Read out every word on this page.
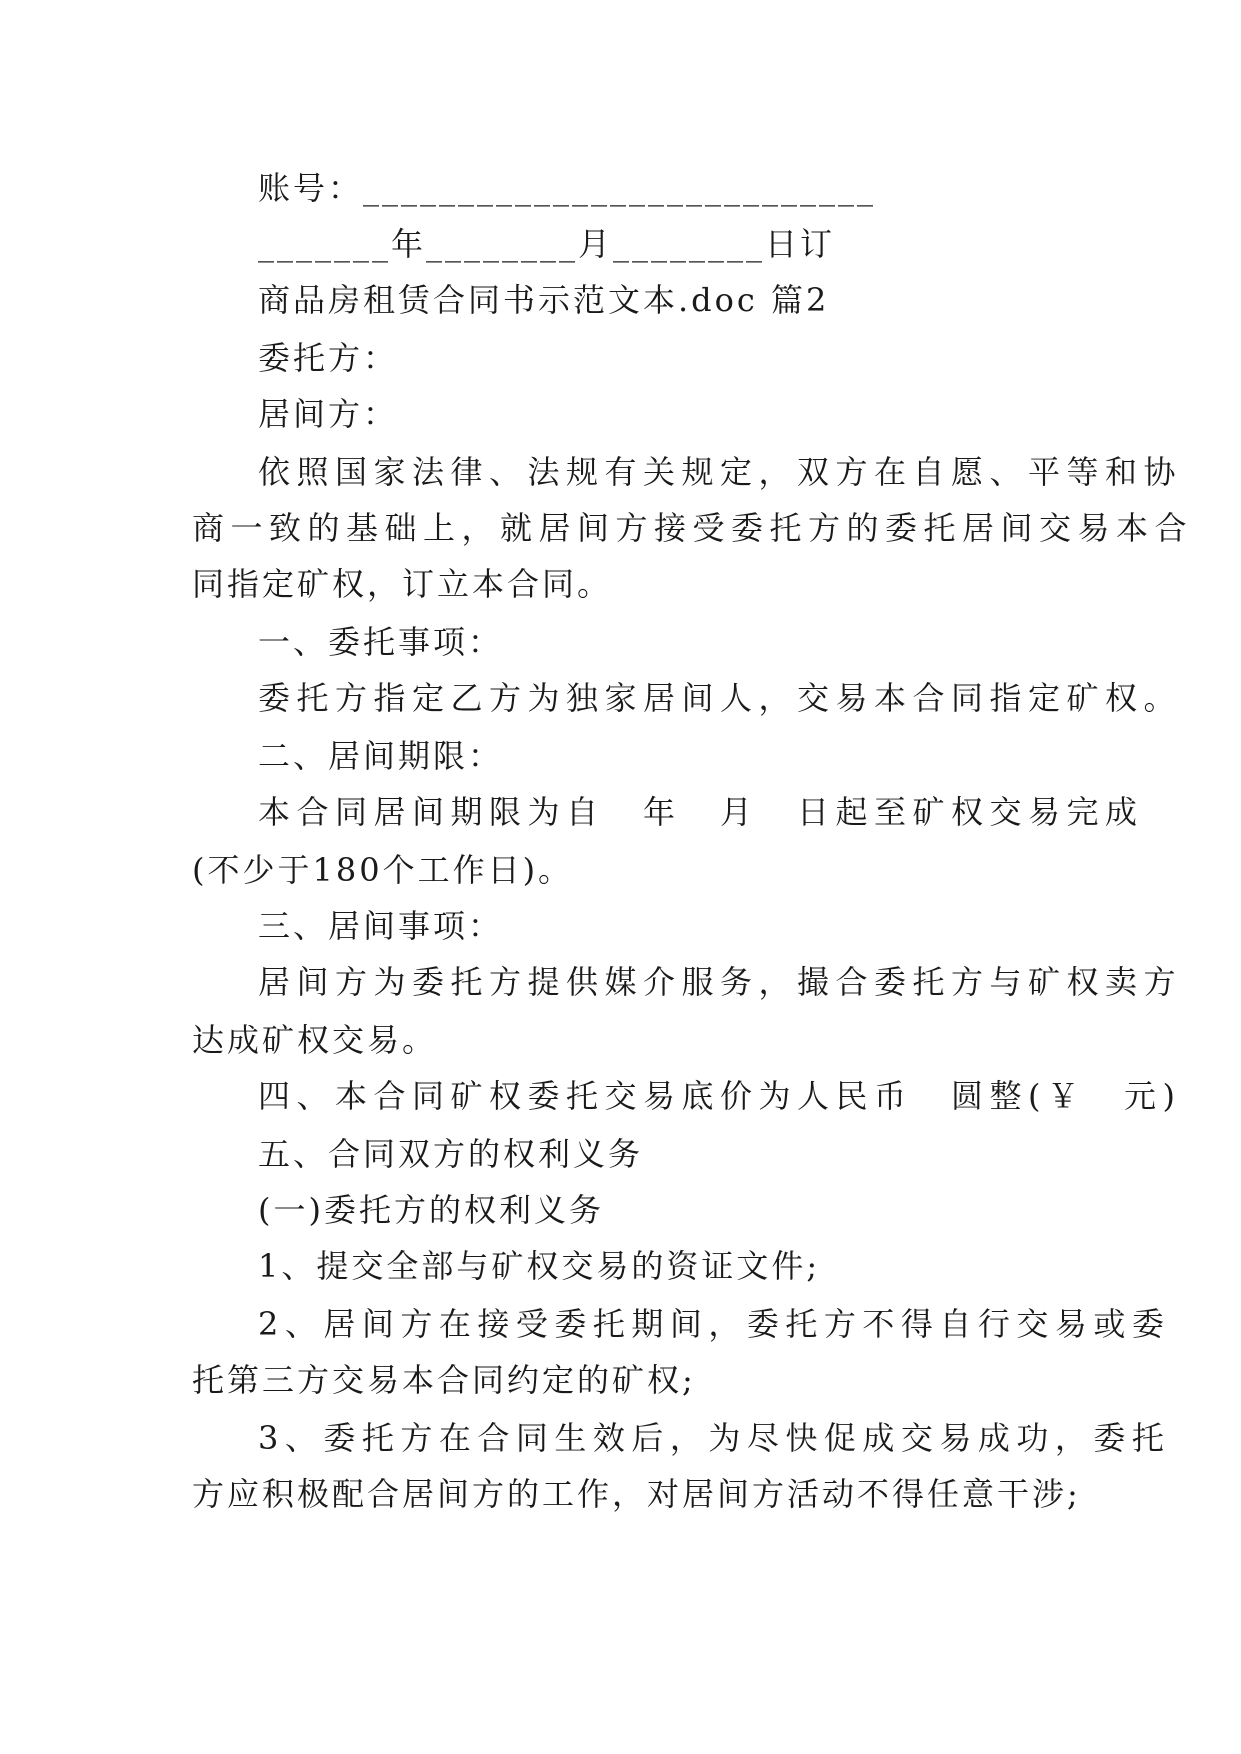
账号：___________________________
_______年________月________日订
商品房租赁合同书示范文本.doc 篇2
委托方：
居间方：
依照国家法律、法规有关规定，双方在自愿、平等和协
商一致的基础上，就居间方接受委托方的委托居间交易本合
同指定矿权，订立本合同。
一、委托事项：
委托方指定乙方为独家居间人，交易本合同指定矿权。
二、居间期限：
本合同居间期限为自　年　月　日起至矿权交易完成
(不少于180个工作日)。
三、居间事项：
居间方为委托方提供媒介服务，撮合委托方与矿权卖方
达成矿权交易。
四、本合同矿权委托交易底价为人民币　圆整(￥　元)
五、合同双方的权利义务
(一)委托方的权利义务
1、提交全部与矿权交易的资证文件;
2、居间方在接受委托期间，委托方不得自行交易或委
托第三方交易本合同约定的矿权;
3、委托方在合同生效后，为尽快促成交易成功，委托
方应积极配合居间方的工作，对居间方活动不得任意干涉;
